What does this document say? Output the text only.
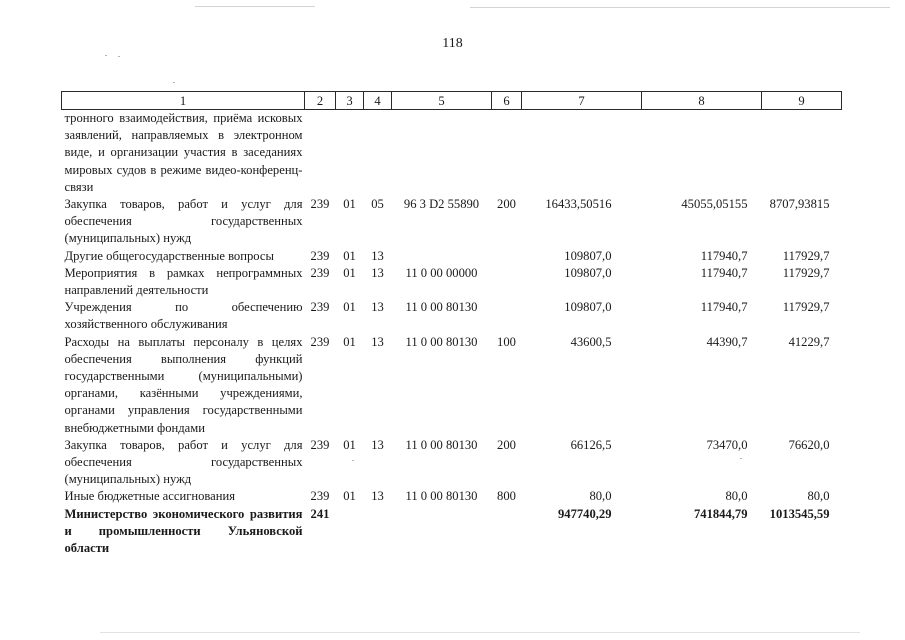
118
1	2	3	4	5	6	7	8	9
тронного взаимодействия, приёма исковых заявлений, направляемых в электронном виде, и организации участия в заседаниях мировых судов в режиме видео-конференц-связи								
Закупка товаров, работ и услуг для обеспечения государственных (муниципальных) нужд	239	01	05	96 3 D2 55890	200	16433,50516	45055,05155	8707,93815
Другие общегосударственные вопросы	239	01	13			109807,0	117940,7	117929,7
Мероприятия в рамках непрограммных направлений деятельности	239	01	13	11 0 00 00000		109807,0	117940,7	117929,7
Учреждения по обеспечению хозяйственного обслуживания	239	01	13	11 0 00 80130		109807,0	117940,7	117929,7
Расходы на выплаты персоналу в целях обеспечения выполнения функций государственными (муниципальными) органами, казёнными учреждениями, органами управления государственными внебюджетными фондами	239	01	13	11 0 00 80130	100	43600,5	44390,7	41229,7
Закупка товаров, работ и услуг для обеспечения государственных (муниципальных) нужд	239	01	13	11 0 00 80130	200	66126,5	73470,0	76620,0
Иные бюджетные ассигнования	239	01	13	11 0 00 80130	800	80,0	80,0	80,0
Министерство экономического развития и промышленности Ульяновской области	241					947740,29	741844,79	1013545,59
